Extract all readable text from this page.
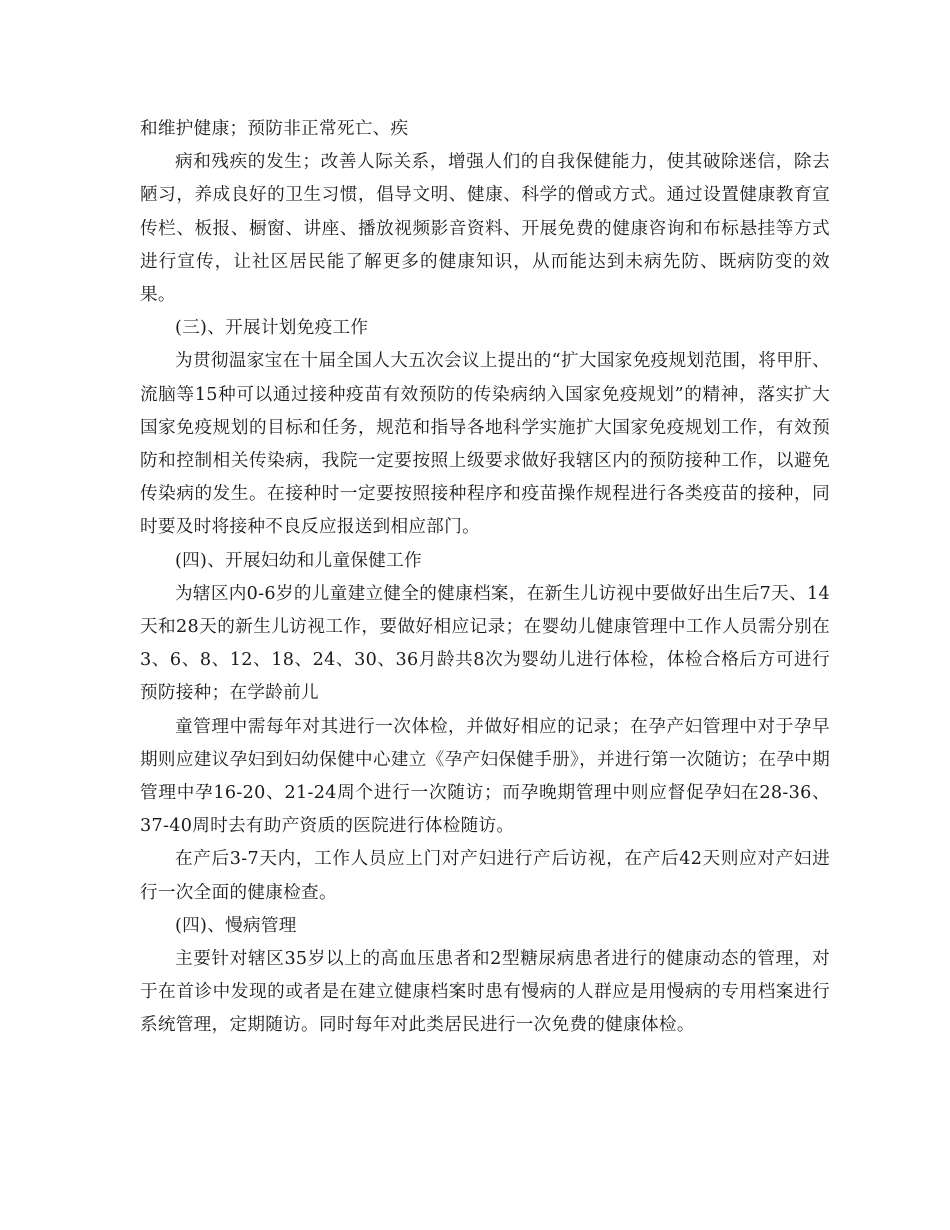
和维护健康；预防非正常死亡、疾

病和残疾的发生；改善人际关系，增强人们的自我保健能力，使其破除迷信，除去陋习，养成良好的卫生习惯，倡导文明、健康、科学的僧或方式。通过设置健康教育宣传栏、板报、橱窗、讲座、播放视频影音资料、开展免费的健康咨询和布标悬挂等方式进行宣传，让社区居民能了解更多的健康知识，从而能达到未病先防、既病防变的效果。

(三)、开展计划免疫工作

为贯彻温家宝在十届全国人大五次会议上提出的“扩大国家免疫规划范围，将甲肝、流脑等15种可以通过接种疫苗有效预防的传染病纳入国家免疫规划”的精神，落实扩大国家免疫规划的目标和任务，规范和指导各地科学实施扩大国家免疫规划工作，有效预防和控制相关传染病，我院一定要按照上级要求做好我辖区内的预防接种工作，以避免传染病的发生。在接种时一定要按照接种程序和疫苗操作规程进行各类疫苗的接种，同时要及时将接种不良反应报送到相应部门。

(四)、开展妇幼和儿童保健工作

为辖区内0-6岁的儿童建立健全的健康档案，在新生儿访视中要做好出生后7天、14天和28天的新生儿访视工作，要做好相应记录；在婴幼儿健康管理中工作人员需分别在3、6、8、12、18、24、30、36月龄共8次为婴幼儿进行体检，体检合格后方可进行预防接种；在学龄前儿

童管理中需每年对其进行一次体检，并做好相应的记录；在孕产妇管理中对于孕早期则应建议孕妇到妇幼保健中心建立《孕产妇保健手册》，并进行第一次随访；在孕中期管理中孕16-20、21-24周个进行一次随访；而孕晚期管理中则应督促孕妇在28-36、37-40周时去有助产资质的医院进行体检随访。

在产后3-7天内，工作人员应上门对产妇进行产后访视，在产后42天则应对产妇进行一次全面的健康检查。

(四)、慢病管理

主要针对辖区35岁以上的高血压患者和2型糖尿病患者进行的健康动态的管理，对于在首诊中发现的或者是在建立健康档案时患有慢病的人群应是用慢病的专用档案进行系统管理，定期随访。同时每年对此类居民进行一次免费的健康体检。
